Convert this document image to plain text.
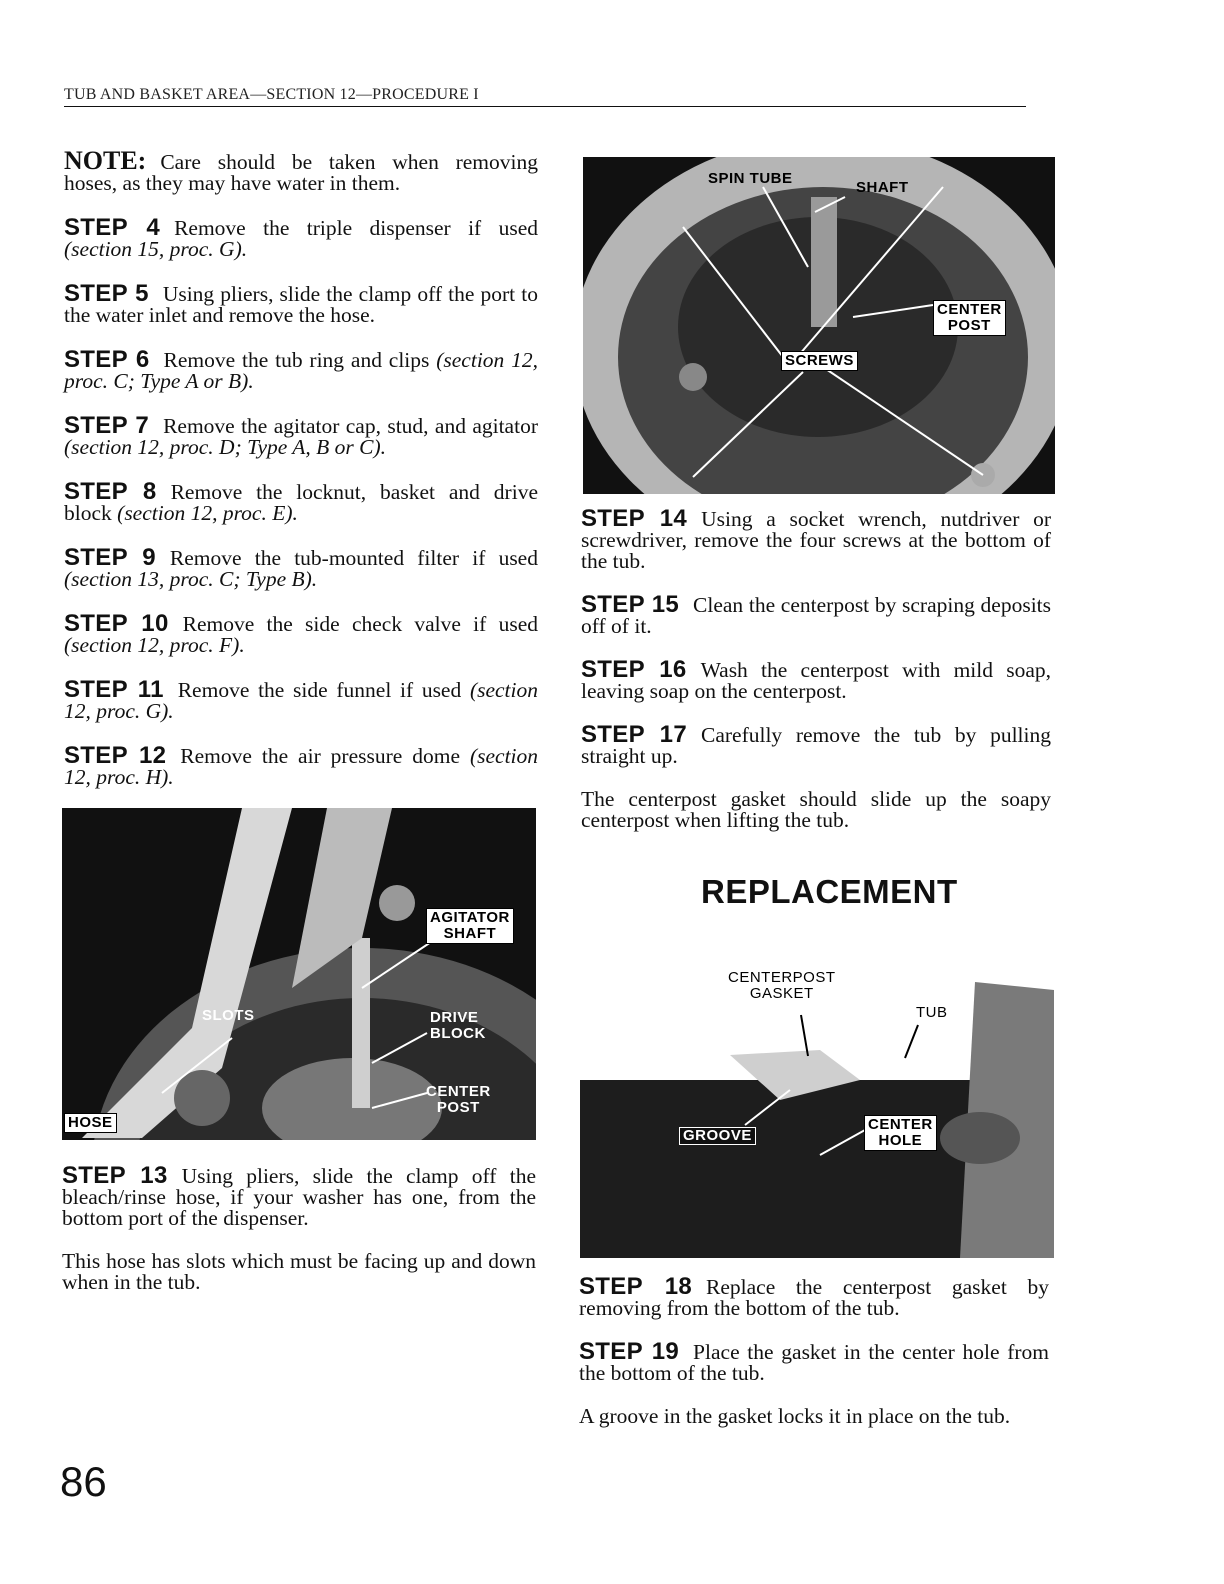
TUB AND BASKET AREA—SECTION 12—PROCEDURE I

NOTE: Care should be taken when removing hoses, as they may have water in them.

STEP 4 Remove the triple dispenser if used (section 15, proc. G).

STEP 5 Using pliers, slide the clamp off the port to the water inlet and remove the hose.

STEP 6 Remove the tub ring and clips (section 12, proc. C; Type A or B).

STEP 7 Remove the agitator cap, stud, and agitator (section 12, proc. D; Type A, B or C).

STEP 8 Remove the locknut, basket and drive block (section 12, proc. E).

STEP 9 Remove the tub-mounted filter if used (section 13, proc. C; Type B).

STEP 10 Remove the side check valve if used (section 12, proc. F).

STEP 11 Remove the side funnel if used (section 12, proc. G).

STEP 12 Remove the air pressure dome (section 12, proc. H).

AGITATOR
SHAFT
SLOTS	DRIVE
BLOCK
CENTER
POST
HOSE

STEP 13 Using pliers, slide the clamp off the bleach/rinse hose, if your washer has one, from the bottom port of the dispenser.

This hose has slots which must be facing up and down when in the tub.

SPIN TUBE
SHAFT
CENTER
POST
SCREWS

STEP 14 Using a socket wrench, nutdriver or screwdriver, remove the four screws at the bottom of the tub.

STEP 15 Clean the centerpost by scraping deposits off of it.

STEP 16 Wash the centerpost with mild soap, leaving soap on the centerpost.

STEP 17 Carefully remove the tub by pulling straight up.

The centerpost gasket should slide up the soapy centerpost when lifting the tub.

REPLACEMENT
CENTERPOST
GASKET
TUB
GROOVE
CENTER
HOLE

STEP 18 Replace the centerpost gasket by removing from the bottom of the tub.

STEP 19 Place the gasket in the center hole from the bottom of the tub.

A groove in the gasket locks it in place on the tub.

86
